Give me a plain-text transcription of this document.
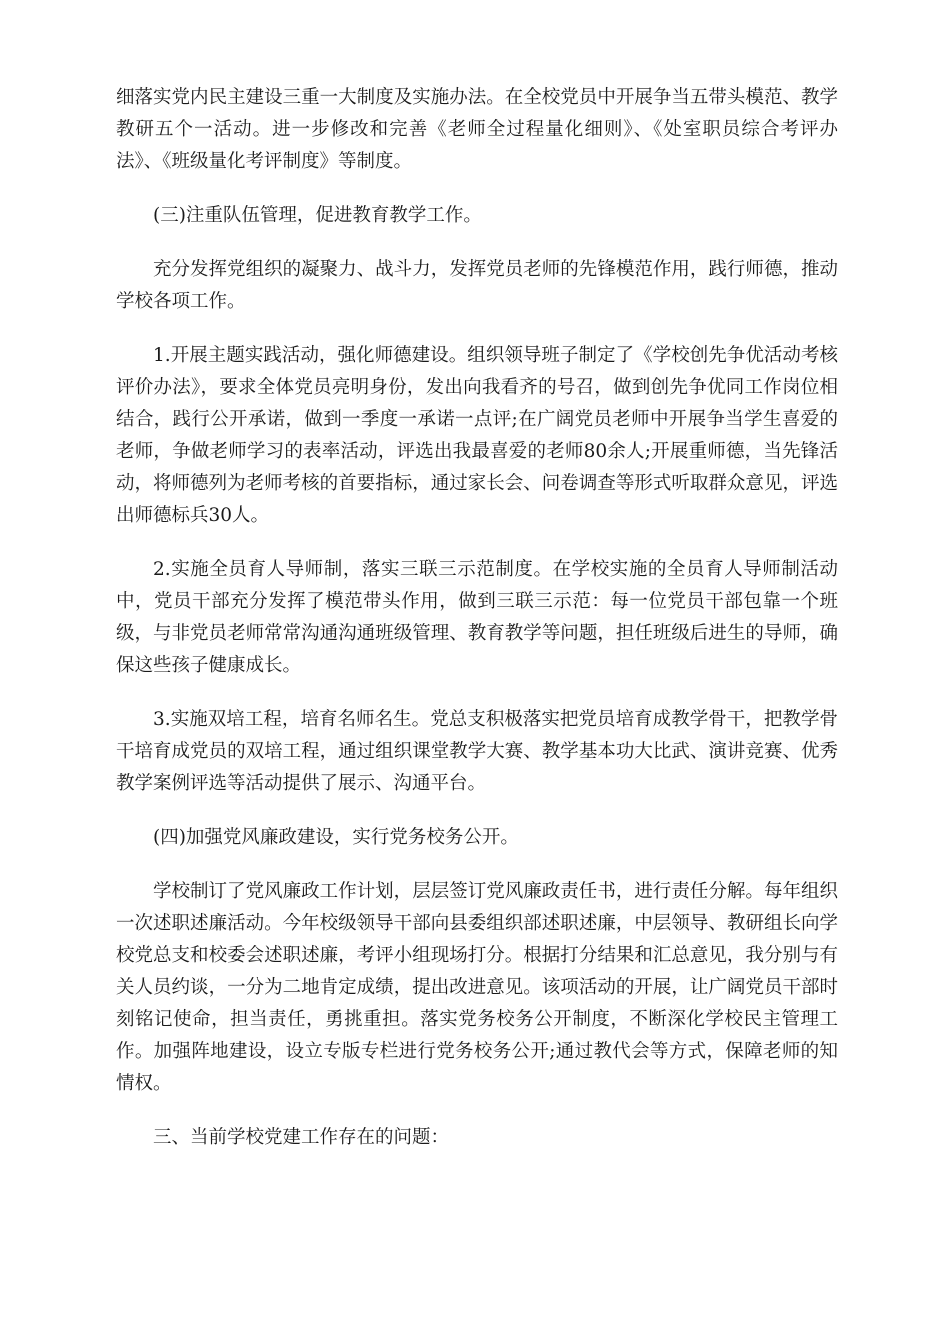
细落实党内民主建设三重一大制度及实施办法。在全校党员中开展争当五带头模范、教学教研五个一活动。进一步修改和完善《老师全过程量化细则》、《处室职员综合考评办法》、《班级量化考评制度》等制度。

(三)注重队伍管理，促进教育教学工作。

充分发挥党组织的凝聚力、战斗力，发挥党员老师的先锋模范作用，践行师德，推动学校各项工作。

1.开展主题实践活动，强化师德建设。组织领导班子制定了《学校创先争优活动考核评价办法》，要求全体党员亮明身份，发出向我看齐的号召，做到创先争优同工作岗位相结合，践行公开承诺，做到一季度一承诺一点评;在广阔党员老师中开展争当学生喜爱的老师，争做老师学习的表率活动，评选出我最喜爱的老师80余人;开展重师德，当先锋活动，将师德列为老师考核的首要指标，通过家长会、问卷调查等形式听取群众意见，评选出师德标兵30人。

2.实施全员育人导师制，落实三联三示范制度。在学校实施的全员育人导师制活动中，党员干部充分发挥了模范带头作用，做到三联三示范：每一位党员干部包靠一个班级，与非党员老师常常沟通沟通班级管理、教育教学等问题，担任班级后进生的导师，确保这些孩子健康成长。

3.实施双培工程，培育名师名生。党总支积极落实把党员培育成教学骨干，把教学骨干培育成党员的双培工程，通过组织课堂教学大赛、教学基本功大比武、演讲竞赛、优秀教学案例评选等活动提供了展示、沟通平台。

(四)加强党风廉政建设，实行党务校务公开。

学校制订了党风廉政工作计划，层层签订党风廉政责任书，进行责任分解。每年组织一次述职述廉活动。今年校级领导干部向县委组织部述职述廉，中层领导、教研组长向学校党总支和校委会述职述廉，考评小组现场打分。根据打分结果和汇总意见，我分别与有关人员约谈，一分为二地肯定成绩，提出改进意见。该项活动的开展，让广阔党员干部时刻铭记使命，担当责任，勇挑重担。落实党务校务公开制度，不断深化学校民主管理工作。加强阵地建设，设立专版专栏进行党务校务公开;通过教代会等方式，保障老师的知情权。

三、当前学校党建工作存在的问题：
